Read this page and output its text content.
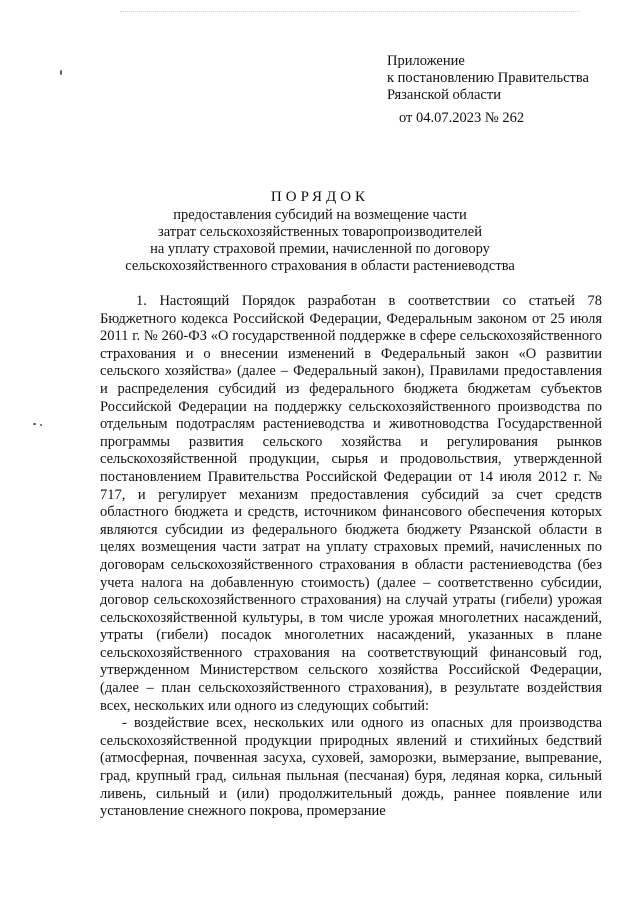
Приложение
к постановлению Правительства
Рязанской области
от 04.07.2023 № 262
ПОРЯДОК
предоставления субсидий на возмещение части
затрат сельскохозяйственных товаропроизводителей
на уплату страховой премии, начисленной по договору
сельскохозяйственного страхования в области растениеводства

1. Настоящий Порядок разработан в соответствии со статьей 78 Бюджетного кодекса Российской Федерации, Федеральным законом от 25 июля 2011 г. № 260-ФЗ «О государственной поддержке в сфере сельскохозяйственного страхования и о внесении изменений в Федеральный закон «О развитии сельского хозяйства» (далее – Федеральный закон), Правилами предоставления и распределения субсидий из федерального бюджета бюджетам субъектов Российской Федерации на поддержку сельскохозяйственного производства по отдельным подотраслям растениеводства и животноводства Государственной программы развития сельского хозяйства и регулирования рынков сельскохозяйственной продукции, сырья и продовольствия, утвержденной постановлением Правительства Российской Федерации от 14 июля 2012 г. № 717, и регулирует механизм предоставления субсидий за счет средств областного бюджета и средств, источником финансового обеспечения которых являются субсидии из федерального бюджета бюджету Рязанской области в целях возмещения части затрат на уплату страховых премий, начисленных по договорам сельскохозяйственного страхования в области растениеводства (без учета налога на добавленную стоимость) (далее – соответственно субсидии, договор сельскохозяйственного страхования) на случай утраты (гибели) урожая сельскохозяйственной культуры, в том числе урожая многолетних насаждений, утраты (гибели) посадок многолетних насаждений, указанных в плане сельскохозяйственного страхования на соответствующий финансовый год, утвержденном Министерством сельского хозяйства Российской Федерации, (далее – план сельскохозяйственного страхования), в результате воздействия всех, нескольких или одного из следующих событий:

- воздействие всех, нескольких или одного из опасных для производства сельскохозяйственной продукции природных явлений и стихийных бедствий (атмосферная, почвенная засуха, суховей, заморозки, вымерзание, выпревание, град, крупный град, сильная пыльная (песчаная) буря, ледяная корка, сильный ливень, сильный и (или) продолжительный дождь, раннее появление или установление снежного покрова, промерзание
